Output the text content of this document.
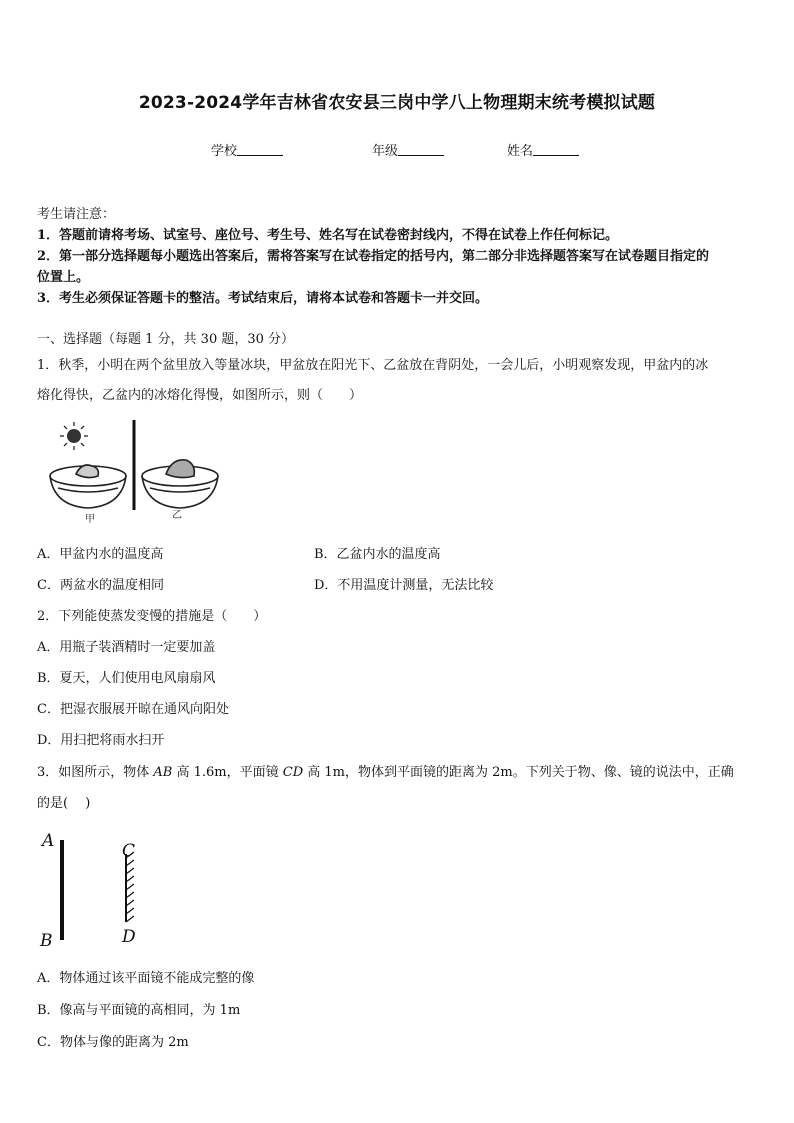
2023-2024学年吉林省农安县三岗中学八上物理期末统考模拟试题
学校	年级	姓名
考生请注意：
1．答题前请将考场、试室号、座位号、考生号、姓名写在试卷密封线内，不得在试卷上作任何标记。
2．第一部分选择题每小题选出答案后，需将答案写在试卷指定的括号内，第二部分非选择题答案写在试卷题目指定的
位置上。
3．考生必须保证答题卡的整洁。考试结束后，请将本试卷和答题卡一并交回。
一、选择题（每题 1 分，共 30 题，30 分）
1．秋季，小明在两个盆里放入等量冰块，甲盆放在阳光下、乙盆放在背阴处，一会儿后，小明观察发现，甲盆内的冰
熔化得快，乙盆内的冰熔化得慢，如图所示，则（　　）
甲	乙
A．甲盆内水的温度高	B．乙盆内水的温度高
C．两盆水的温度相同	D．不用温度计测量，无法比较
2．下列能使蒸发变慢的措施是（　　）
A．用瓶子装酒精时一定要加盖
B．夏天，人们使用电风扇扇风
C．把湿衣服展开晾在通风向阳处
D．用扫把将雨水扫开
3．如图所示，物体 AB 高 1.6m，平面镜 CD 高 1m，物体到平面镜的距离为 2m。下列关于物、像、镜的说法中，正确
的是(　 )
A
B
C
D
A．物体通过该平面镜不能成完整的像
B．像高与平面镜的高相同，为 1m
C．物体与像的距离为 2m
